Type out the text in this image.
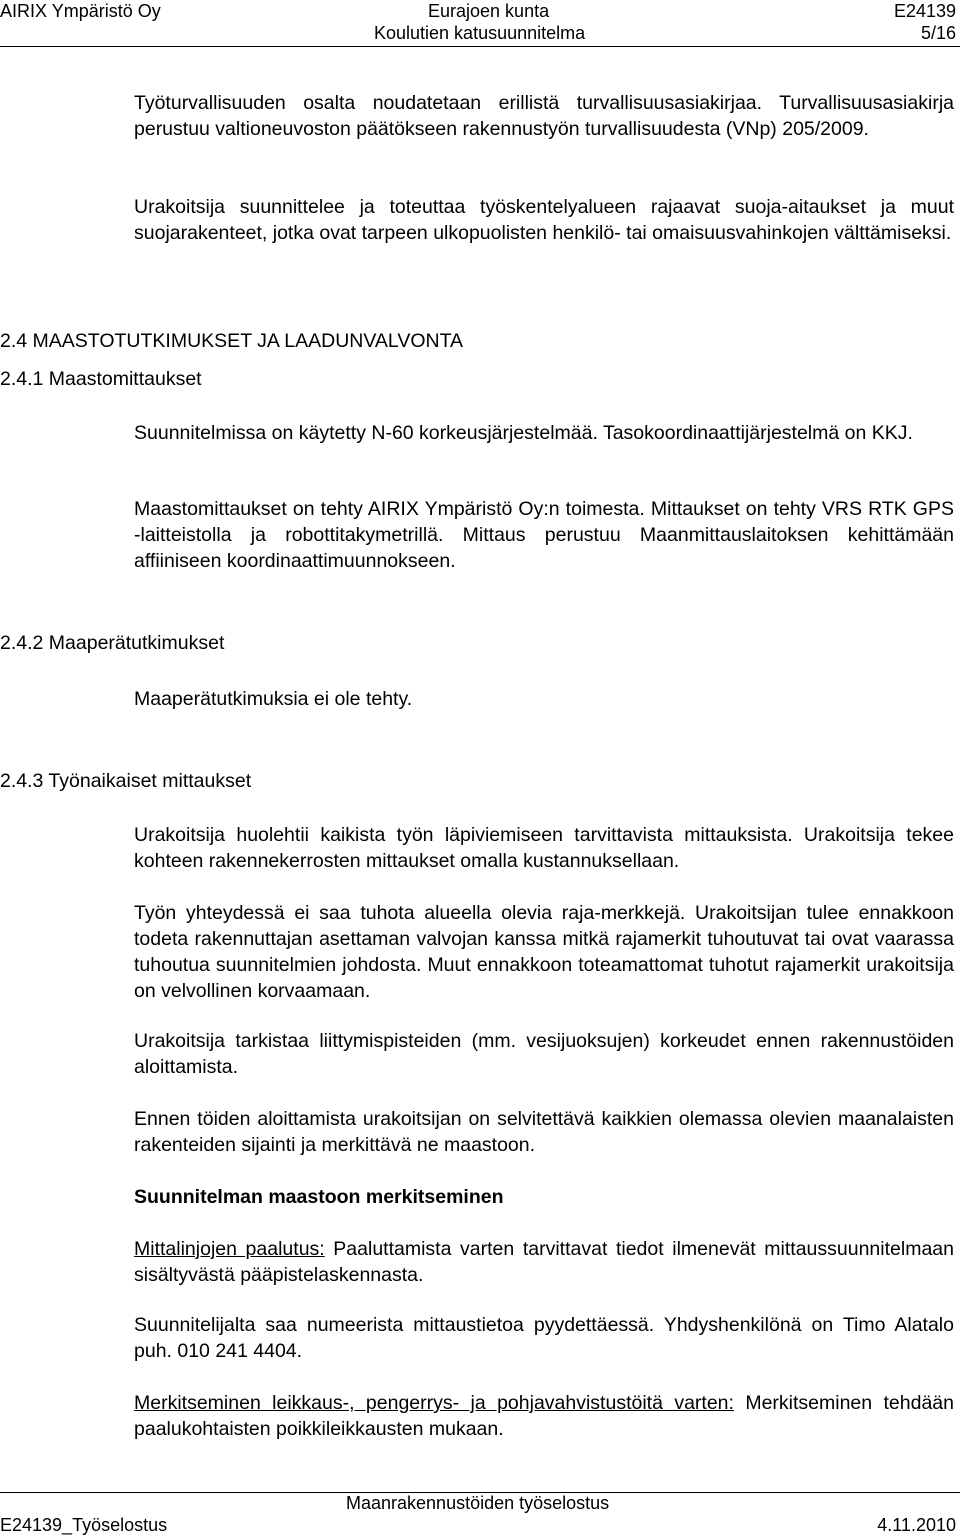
AIRIX Ympäristö Oy	Eurajoen kunta	E24139
Koulutien katusuunnitelma	5/16
Työturvallisuuden osalta noudatetaan erillistä turvallisuusasiakirjaa. Turvallisuusasiakirja perustuu valtioneuvoston päätökseen rakennustyön turvallisuudesta (VNp) 205/2009.
Urakoitsija suunnittelee ja toteuttaa työskentelyalueen rajaavat suoja-aitaukset ja muut suojarakenteet, jotka ovat tarpeen ulkopuolisten henkilö- tai omaisuusvahinkojen välttämiseksi.
2.4 MAASTOTUTKIMUKSET JA LAADUNVALVONTA
2.4.1 Maastomittaukset
Suunnitelmissa on käytetty N-60 korkeusjärjestelmää. Tasokoordinaattijärjestelmä on KKJ.
Maastomittaukset on tehty AIRIX Ympäristö Oy:n toimesta. Mittaukset on tehty VRS RTK GPS -laitteistolla ja robottitakymetrillä. Mittaus perustuu Maanmittauslaitoksen kehittämään affiiniseen koordinaattimuunnokseen.
2.4.2 Maaperätutkimukset
Maaperätutkimuksia ei ole tehty.
2.4.3 Työnaikaiset mittaukset
Urakoitsija huolehtii kaikista työn läpiviemiseen tarvittavista mittauksista. Urakoitsija tekee kohteen rakennekerrosten mittaukset omalla kustannuksellaan.
Työn yhteydessä ei saa tuhota alueella olevia raja-merkkejä. Urakoitsijan tulee ennakkoon todeta rakennuttajan asettaman valvojan kanssa mitkä rajamerkit tuhoutuvat tai ovat vaarassa tuhoutua suunnitelmien johdosta. Muut ennakkoon toteamattomat tuhotut rajamerkit urakoitsija on velvollinen korvaamaan.
Urakoitsija tarkistaa liittymispisteiden (mm. vesijuoksujen) korkeudet ennen rakennustöiden aloittamista.
Ennen töiden aloittamista urakoitsijan on selvitettävä kaikkien olemassa olevien maanalaisten rakenteiden sijainti ja merkittävä ne maastoon.
Suunnitelman maastoon merkitseminen
Mittalinjojen paalutus: Paaluttamista varten tarvittavat tiedot ilmenevät mittaussuunnitelmaan sisältyvästä pääpistelaskennasta.
Suunnitelijalta saa numeerista mittaustietoa pyydettäessä. Yhdyshenkilönä on Timo Alatalo puh. 010 241 4404.
Merkitseminen leikkaus-, pengerrys- ja pohjavahvistustöitä varten: Merkitseminen tehdään paalukohtaisten poikkileikkausten mukaan.
Maanrakennustöiden työselostus
E24139_Työselostus	4.11.2010
